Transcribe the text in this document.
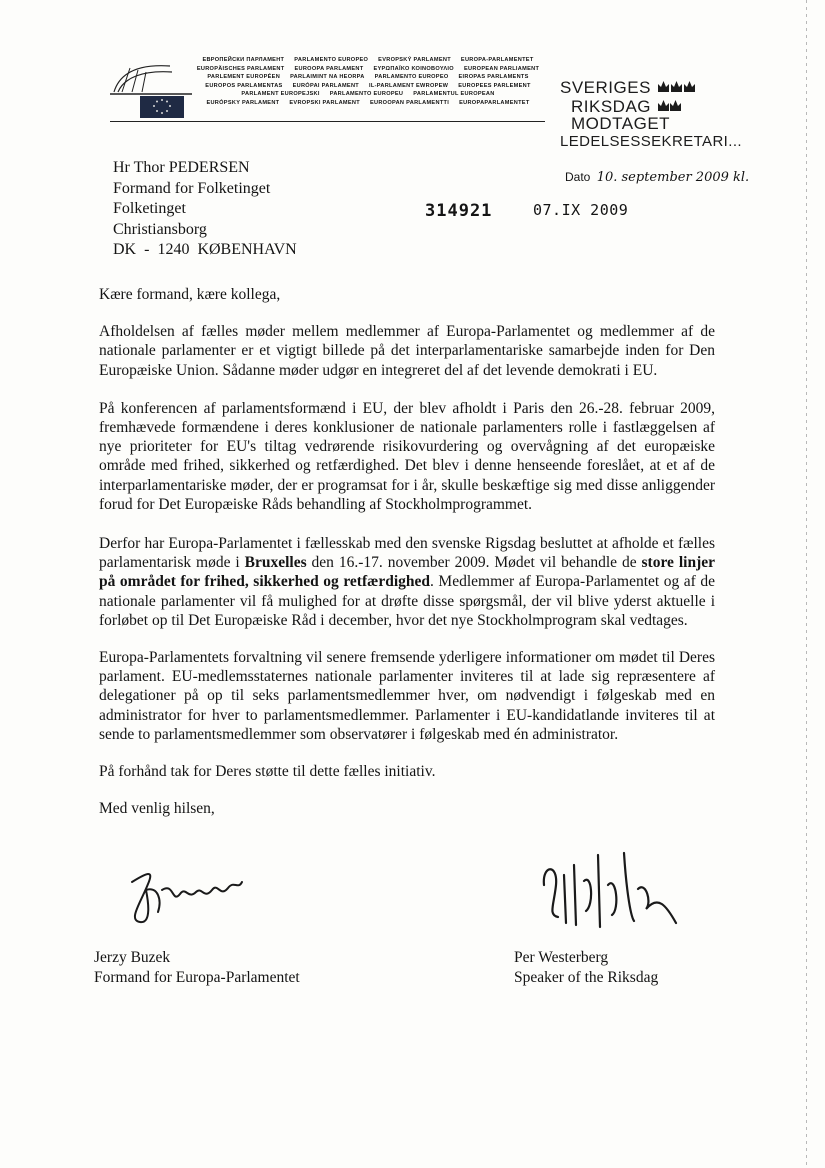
ЕВРОПЕЙСКИ ПАРЛАМЕНТ PARLAMENTO EUROPEO EVROPSKÝ PARLAMENT EUROPA-PARLAMENTET
EUROPÄISCHES PARLAMENT EUROOPA PARLAMENT ΕΥΡΩΠΑΪΚΟ ΚΟΙΝΟΒΟΥΛΙΟ EUROPEAN PARLIAMENT
PARLEMENT EUROPÉEN PARLAIMINT NA HEORPA PARLAMENTO EUROPEO EIROPAS PARLAMENTS
EUROPOS PARLAMENTAS EURÓPAI PARLAMENT IL-PARLAMENT EWROPEW EUROPEES PARLEMENT
PARLAMENT EUROPEJSKI PARLAMENTO EUROPEU PARLAMENTUL EUROPEAN
EURÓPSKY PARLAMENT EVROPSKI PARLAMENT EUROOPAN PARLAMENTTI EUROPAPARLAMENTET
SVERIGES
RIKSDAG
MODTAGET
LEDELSESSEKRETARI...
Dato 10. september 2009 kl.
Hr Thor PEDERSEN
Formand for Folketinget
Folketinget
Christiansborg
DK - 1240 KØBENHAVN
314921	07.IX 2009

Kære formand, kære kollega,

Afholdelsen af fælles møder mellem medlemmer af Europa-Parlamentet og medlemmer af de nationale parlamenter er et vigtigt billede på det interparlamentariske samarbejde inden for Den Europæiske Union. Sådanne møder udgør en integreret del af det levende demokrati i EU.

På konferencen af parlamentsformænd i EU, der blev afholdt i Paris den 26.-28. februar 2009, fremhævede formændene i deres konklusioner de nationale parlamenters rolle i fastlæggelsen af nye prioriteter for EU's tiltag vedrørende risikovurdering og overvågning af det europæiske område med frihed, sikkerhed og retfærdighed. Det blev i denne henseende foreslået, at et af de interparlamentariske møder, der er programsat for i år, skulle beskæftige sig med disse anliggender forud for Det Europæiske Råds behandling af Stockholmprogrammet.

Derfor har Europa-Parlamentet i fællesskab med den svenske Rigsdag besluttet at afholde et fælles parlamentarisk møde i Bruxelles den 16.-17. november 2009. Mødet vil behandle de store linjer på området for frihed, sikkerhed og retfærdighed. Medlemmer af Europa-Parlamentet og af de nationale parlamenter vil få mulighed for at drøfte disse spørgsmål, der vil blive yderst aktuelle i forløbet op til Det Europæiske Råd i december, hvor det nye Stockholmprogram skal vedtages.

Europa-Parlamentets forvaltning vil senere fremsende yderligere informationer om mødet til Deres parlament. EU-medlemsstaternes nationale parlamenter inviteres til at lade sig repræsentere af delegationer på op til seks parlamentsmedlemmer hver, om nødvendigt i følgeskab med en administrator for hver to parlamentsmedlemmer. Parlamenter i EU-kandidatlande inviteres til at sende to parlamentsmedlemmer som observatører i følgeskab med én administrator.

På forhånd tak for Deres støtte til dette fælles initiativ.

Med venlig hilsen,

Jerzy Buzek
Formand for Europa-Parlamentet
Per Westerberg
Speaker of the Riksdag
